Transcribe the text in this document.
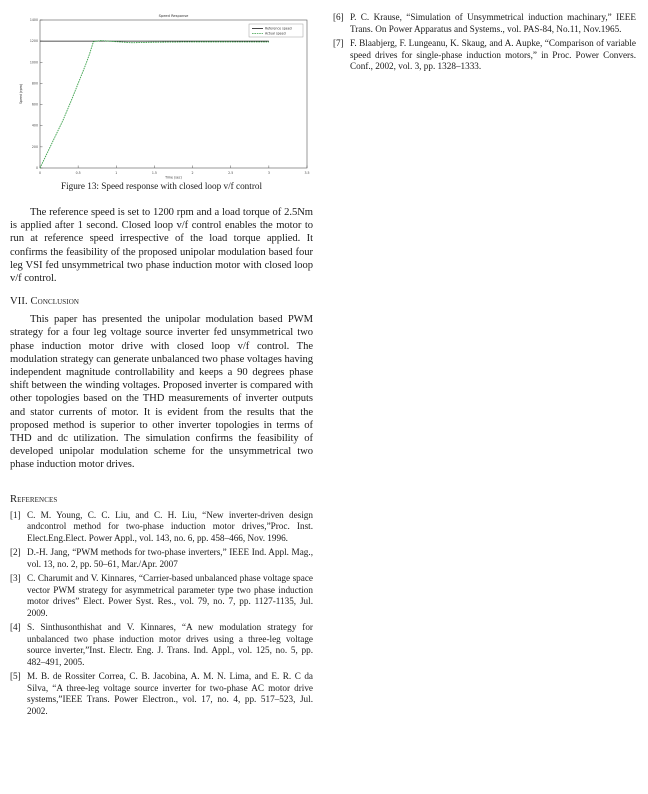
0	0.5	1	1.5	2	2.5	3	3.5
0
200
400
600
800
1000
1200
1400
Speed Response
Time (sec)
Speed (rpm)
Reference speed
Actual speed
Figure 13: Speed response with closed loop v/f control

The reference speed is set to 1200 rpm and a load torque of 2.5Nm is applied after 1 second. Closed loop v/f control enables the motor to run at reference speed irrespective of the load torque applied. It confirms the feasibility of the proposed unipolar modulation based four leg VSI fed unsymmetrical two phase induction motor with closed loop v/f control.

VII. Conclusion

This paper has presented the unipolar modulation based PWM strategy for a four leg voltage source inverter fed unsymmetrical two phase induction motor drive with closed loop v/f control. The modulation strategy can generate unbalanced two phase voltages having independent magnitude controllability and keeps a 90 degrees phase shift between the winding voltages. Proposed inverter is compared with other topologies based on the THD measurements of inverter outputs and stator currents of motor. It is evident from the results that the proposed method is superior to other inverter topologies in terms of THD and dc utilization. The simulation confirms the feasibility of developed unipolar modulation scheme for the unsymmetrical two phase induction motor drives.

References
[1] C. M. Young, C. C. Liu, and C. H. Liu, “New inverter-driven design andcontrol method for two-phase induction motor drives,”Proc. Inst. Elect.Eng.Elect. Power Appl., vol. 143, no. 6, pp. 458–466, Nov. 1996.
[2] D.-H. Jang, “PWM methods for two-phase inverters,” IEEE Ind. Appl. Mag., vol. 13, no. 2, pp. 50–61, Mar./Apr. 2007
[3] C. Charumit and V. Kinnares, “Carrier-based unbalanced phase voltage space vector PWM strategy for asymmetrical parameter type two phase induction motor drives” Elect. Power Syst. Res., vol. 79, no. 7, pp. 1127-1135, Jul. 2009.
[4] S. Sinthusonthishat and V. Kinnares, “A new modulation strategy for unbalanced two phase induction motor drives using a three-leg voltage source inverter,”Inst. Electr. Eng. J. Trans. Ind. Appl., vol. 125, no. 5, pp. 482–491, 2005.
[5] M. B. de Rossiter Correa, C. B. Jacobina, A. M. N. Lima, and E. R. C da Silva, “A three-leg voltage source inverter for two-phase AC motor drive systems,”IEEE Trans. Power Electron., vol. 17, no. 4, pp. 517–523, Jul. 2002.
[6] P. C. Krause, “Simulation of Unsymmetrical induction machinary,” IEEE Trans. On Power Apparatus and Systems., vol. PAS-84, No.11, Nov.1965.
[7] F. Blaabjerg, F. Lungeanu, K. Skaug, and A. Aupke, “Comparison of variable speed drives for single-phase induction motors,” in Proc. Power Convers. Conf., 2002, vol. 3, pp. 1328–1333.
